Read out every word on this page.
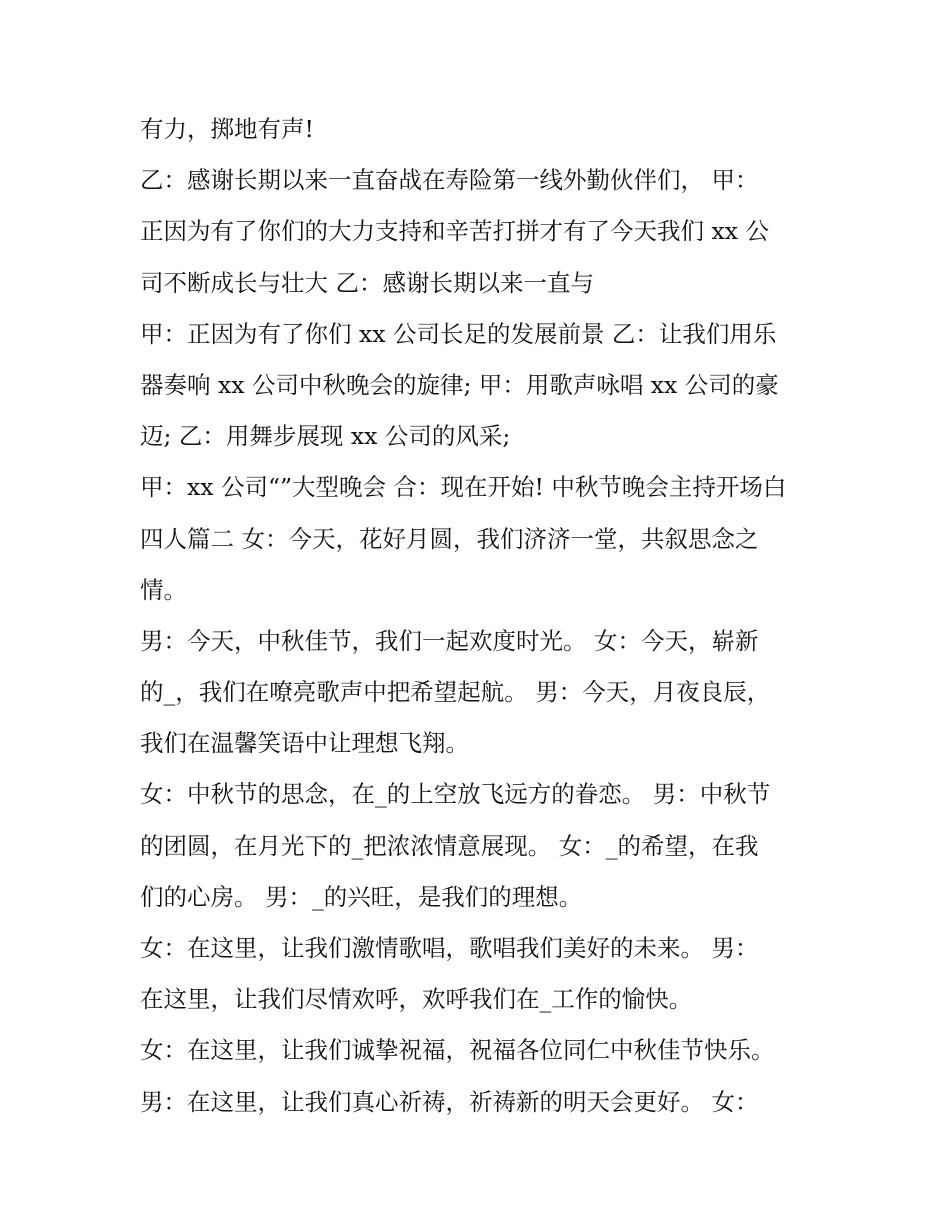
有力，掷地有声!
乙：感谢长期以来一直奋战在寿险第一线外勤伙伴们， 甲：
正因为有了你们的大力支持和辛苦打拼才有了今天我们 xx 公
司不断成长与壮大 乙：感谢长期以来一直与
甲：正因为有了你们 xx 公司长足的发展前景 乙：让我们用乐
器奏响 xx 公司中秋晚会的旋律; 甲：用歌声咏唱 xx 公司的豪
迈; 乙：用舞步展现 xx 公司的风采;
甲：xx 公司“”大型晚会 合：现在开始! 中秋节晚会主持开场白
四人篇二 女：今天，花好月圆，我们济济一堂，共叙思念之
情。
男：今天，中秋佳节，我们一起欢度时光。 女：今天，崭新
的_，我们在嘹亮歌声中把希望起航。 男：今天，月夜良辰，
我们在温馨笑语中让理想飞翔。
女：中秋节的思念，在_的上空放飞远方的眷恋。 男：中秋节
的团圆，在月光下的_把浓浓情意展现。 女：_的希望，在我
们的心房。 男：_的兴旺，是我们的理想。
女：在这里，让我们激情歌唱，歌唱我们美好的未来。 男：
在这里，让我们尽情欢呼，欢呼我们在_工作的愉快。
女：在这里，让我们诚挚祝福，祝福各位同仁中秋佳节快乐。
男：在这里，让我们真心祈祷，祈祷新的明天会更好。 女：
